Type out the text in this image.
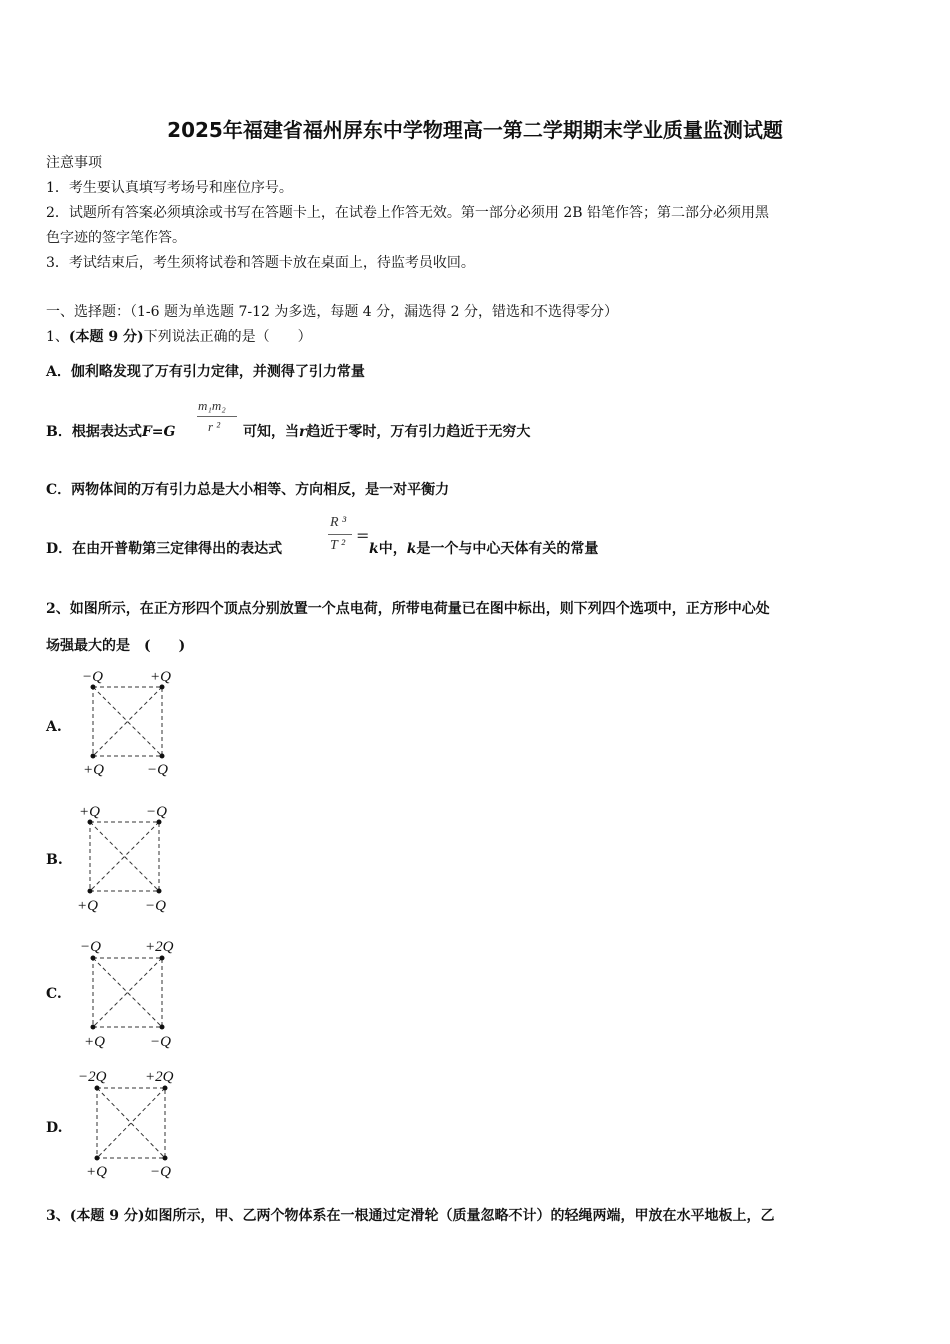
2025年福建省福州屏东中学物理高一第二学期期末学业质量监测试题
注意事项
1．考生要认真填写考场号和座位序号。
2．试题所有答案必须填涂或书写在答题卡上，在试卷上作答无效。第一部分必须用 2B 铅笔作答；第二部分必须用黑
色字迹的签字笔作答。
3．考试结束后，考生须将试卷和答题卡放在桌面上，待监考员收回。
一、选择题：（1-6 题为单选题 7-12 为多选，每题 4 分，漏选得 2 分，错选和不选得零分）
1、(本题 9 分)下列说法正确的是（　　）
A．伽利略发现了万有引力定律，并测得了引力常量
B．根据表达式F=G
m₁m₂
r ² 可知，当r趋近于零时，万有引力趋近于无穷大
C．两物体间的万有引力总是大小相等、方向相反，是一对平衡力
D．在由开普勒第三定律得出的表达式
R ³
T ²
=
k中，k是一个与中心天体有关的常量
2、如图所示，在正方形四个顶点分别放置一个点电荷，所带电荷量已在图中标出，则下列四个选项中，正方形中心处
场强最大的是　(　　)
A.
−Q	+Q
+Q	−Q
B.
+Q	−Q
+Q	−Q
C.
−Q	+2Q
+Q	−Q
D.
−2Q	+2Q
+Q	−Q
3、(本题 9 分)如图所示，甲、乙两个物体系在一根通过定滑轮（质量忽略不计）的轻绳两端，甲放在水平地板上，乙
